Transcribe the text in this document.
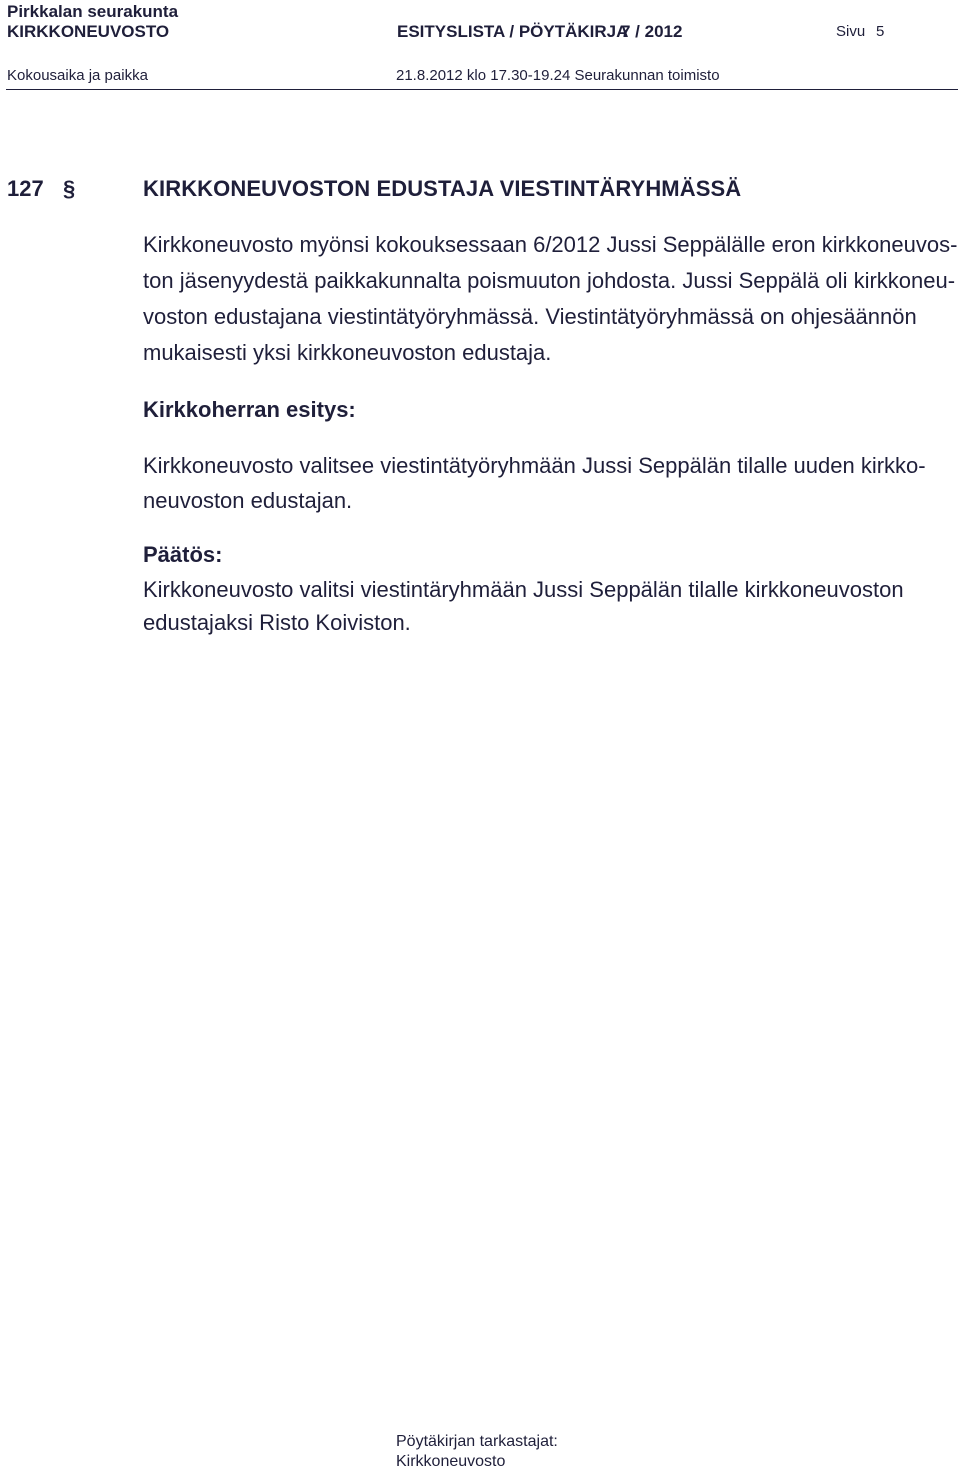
Pirkkalan seurakunta
KIRKKONEUVOSTO	ESITYSLISTA / PÖYTÄKIRJA
7 / 2012	Sivu 5
Kokousaika ja paikka	21.8.2012 klo 17.30-19.24 Seurakunnan toimisto
127 §	KIRKKONEUVOSTON EDUSTAJA VIESTINTÄRYHMÄSSÄ
Kirkkoneuvosto myönsi kokouksessaan 6/2012 Jussi Seppälälle eron kirkkoneuvos-
ton jäsenyydestä paikkakunnalta poismuuton johdosta. Jussi Seppälä oli kirkkoneu-
voston edustajana viestintätyöryhmässä. Viestintätyöryhmässä on ohjesäännön
mukaisesti yksi kirkkoneuvoston edustaja.
Kirkkoherran esitys:
Kirkkoneuvosto valitsee viestintätyöryhmään Jussi Seppälän tilalle uuden kirkko-
neuvoston edustajan.
Päätös:
Kirkkoneuvosto valitsi viestintäryhmään Jussi Seppälän tilalle kirkkoneuvoston
edustajaksi Risto Koiviston.
Pöytäkirjan tarkastajat:
Kirkkoneuvosto
